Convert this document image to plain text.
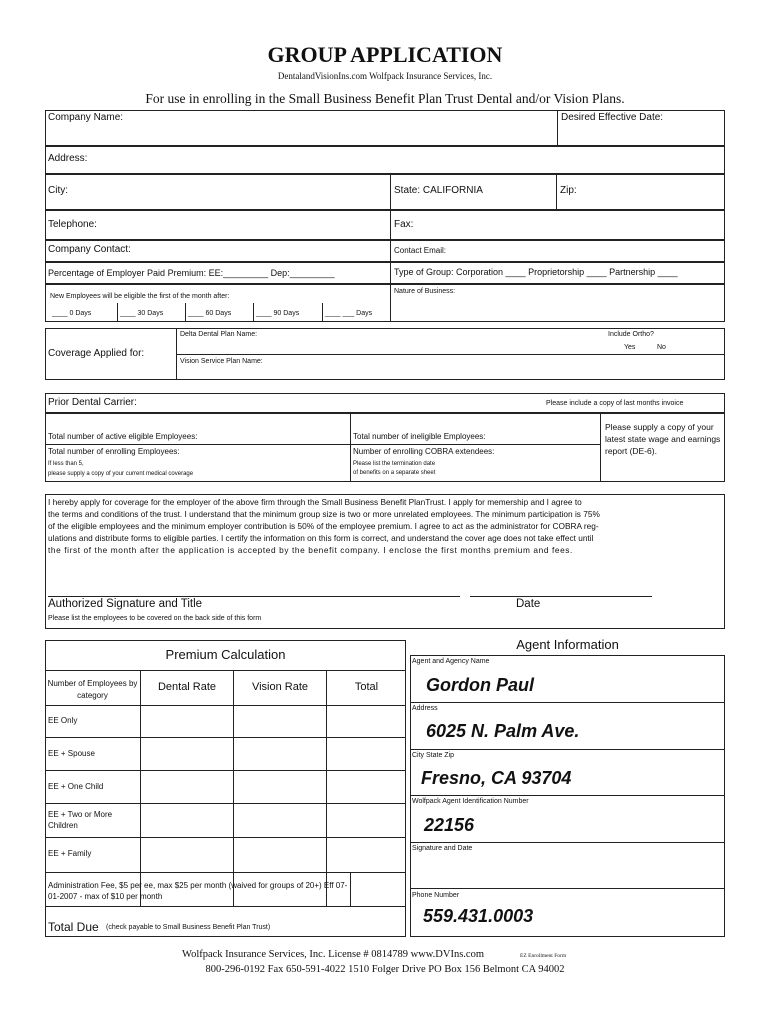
GROUP APPLICATION
DentalandVisionIns.com Wolfpack Insurance Services, Inc.
For use in enrolling in the Small Business Benefit Plan Trust Dental and/or Vision Plans.
Company Name:	Desired Effective Date:
Address:
City:	State: CALIFORNIA	Zip:
Telephone:	Fax:
Company Contact:	Contact Email:
Percentage of Employer Paid Premium: EE:_________ Dep:_________	Type of Group: Corporation ____ Proprietorship ____ Partnership ____
New Employees will be eligible the first of the month after:
____ 0 Days	____ 30 Days	____ 60 Days	____ 90 Days	____ ___ Days
Nature of Business:
Coverage Applied for:
Delta Dental Plan Name:	Include Ortho?
Yes	No
Vision Service Plan Name:
Prior Dental Carrier:	Please include a copy of last months invoice
Total number of active eligible Employees:	Total number of ineligible Employees:
Total number of enrolling Employees:
If less than 5,
please supply a copy of your current medical coverage
Number of enrolling COBRA extendees:
Please list the termination date
of benefits on a separate sheet
Please supply a copy of your latest state wage and earnings report (DE-6).
I hereby apply for coverage for the employer of the above firm through the Small Business Benefit PlanTrust. I apply for memership and I agree to
the terms and conditions of the trust. I understand that the minimum group size is two or more unrelated employees. The minimum participation is 75%
of the eligible employees and the minimum employer contribution is 50% of the employee premium. I agree to act as the administrator for COBRA reg-
ulations and distribute forms to eligible parties. I certify the information on this form is correct, and understand the cover age does not take effect until
the first of the month after the application is accepted by the benefit company. I enclose the first months premium and fees.
Authorized Signature and Title	Date
Please list the employees to be covered on the back side of this form
Premium Calculation
Number of Employees by category
Dental Rate	Vision Rate	Total
EE Only
EE + Spouse
EE + One Child
EE + Two or More Children
EE + Family
Administration Fee, $5 per ee, max $25 per month (waived for groups of 20+) Eff 07-01-2007 - max of $10 per month
Total Due (check payable to Small Business Benefit Plan Trust)
Agent Information
Agent and Agency Name
Gordon Paul
Address
6025 N. Palm Ave.
City State Zip
Fresno, CA 93704
Wolfpack Agent Identification Number
22156
Signature and Date
Phone Number
559.431.0003
Wolfpack Insurance Services, Inc. License # 0814789 www.DVIns.com	EZ Enrollment Form
800-296-0192 Fax 650-591-4022 1510 Folger Drive PO Box 156 Belmont CA 94002
